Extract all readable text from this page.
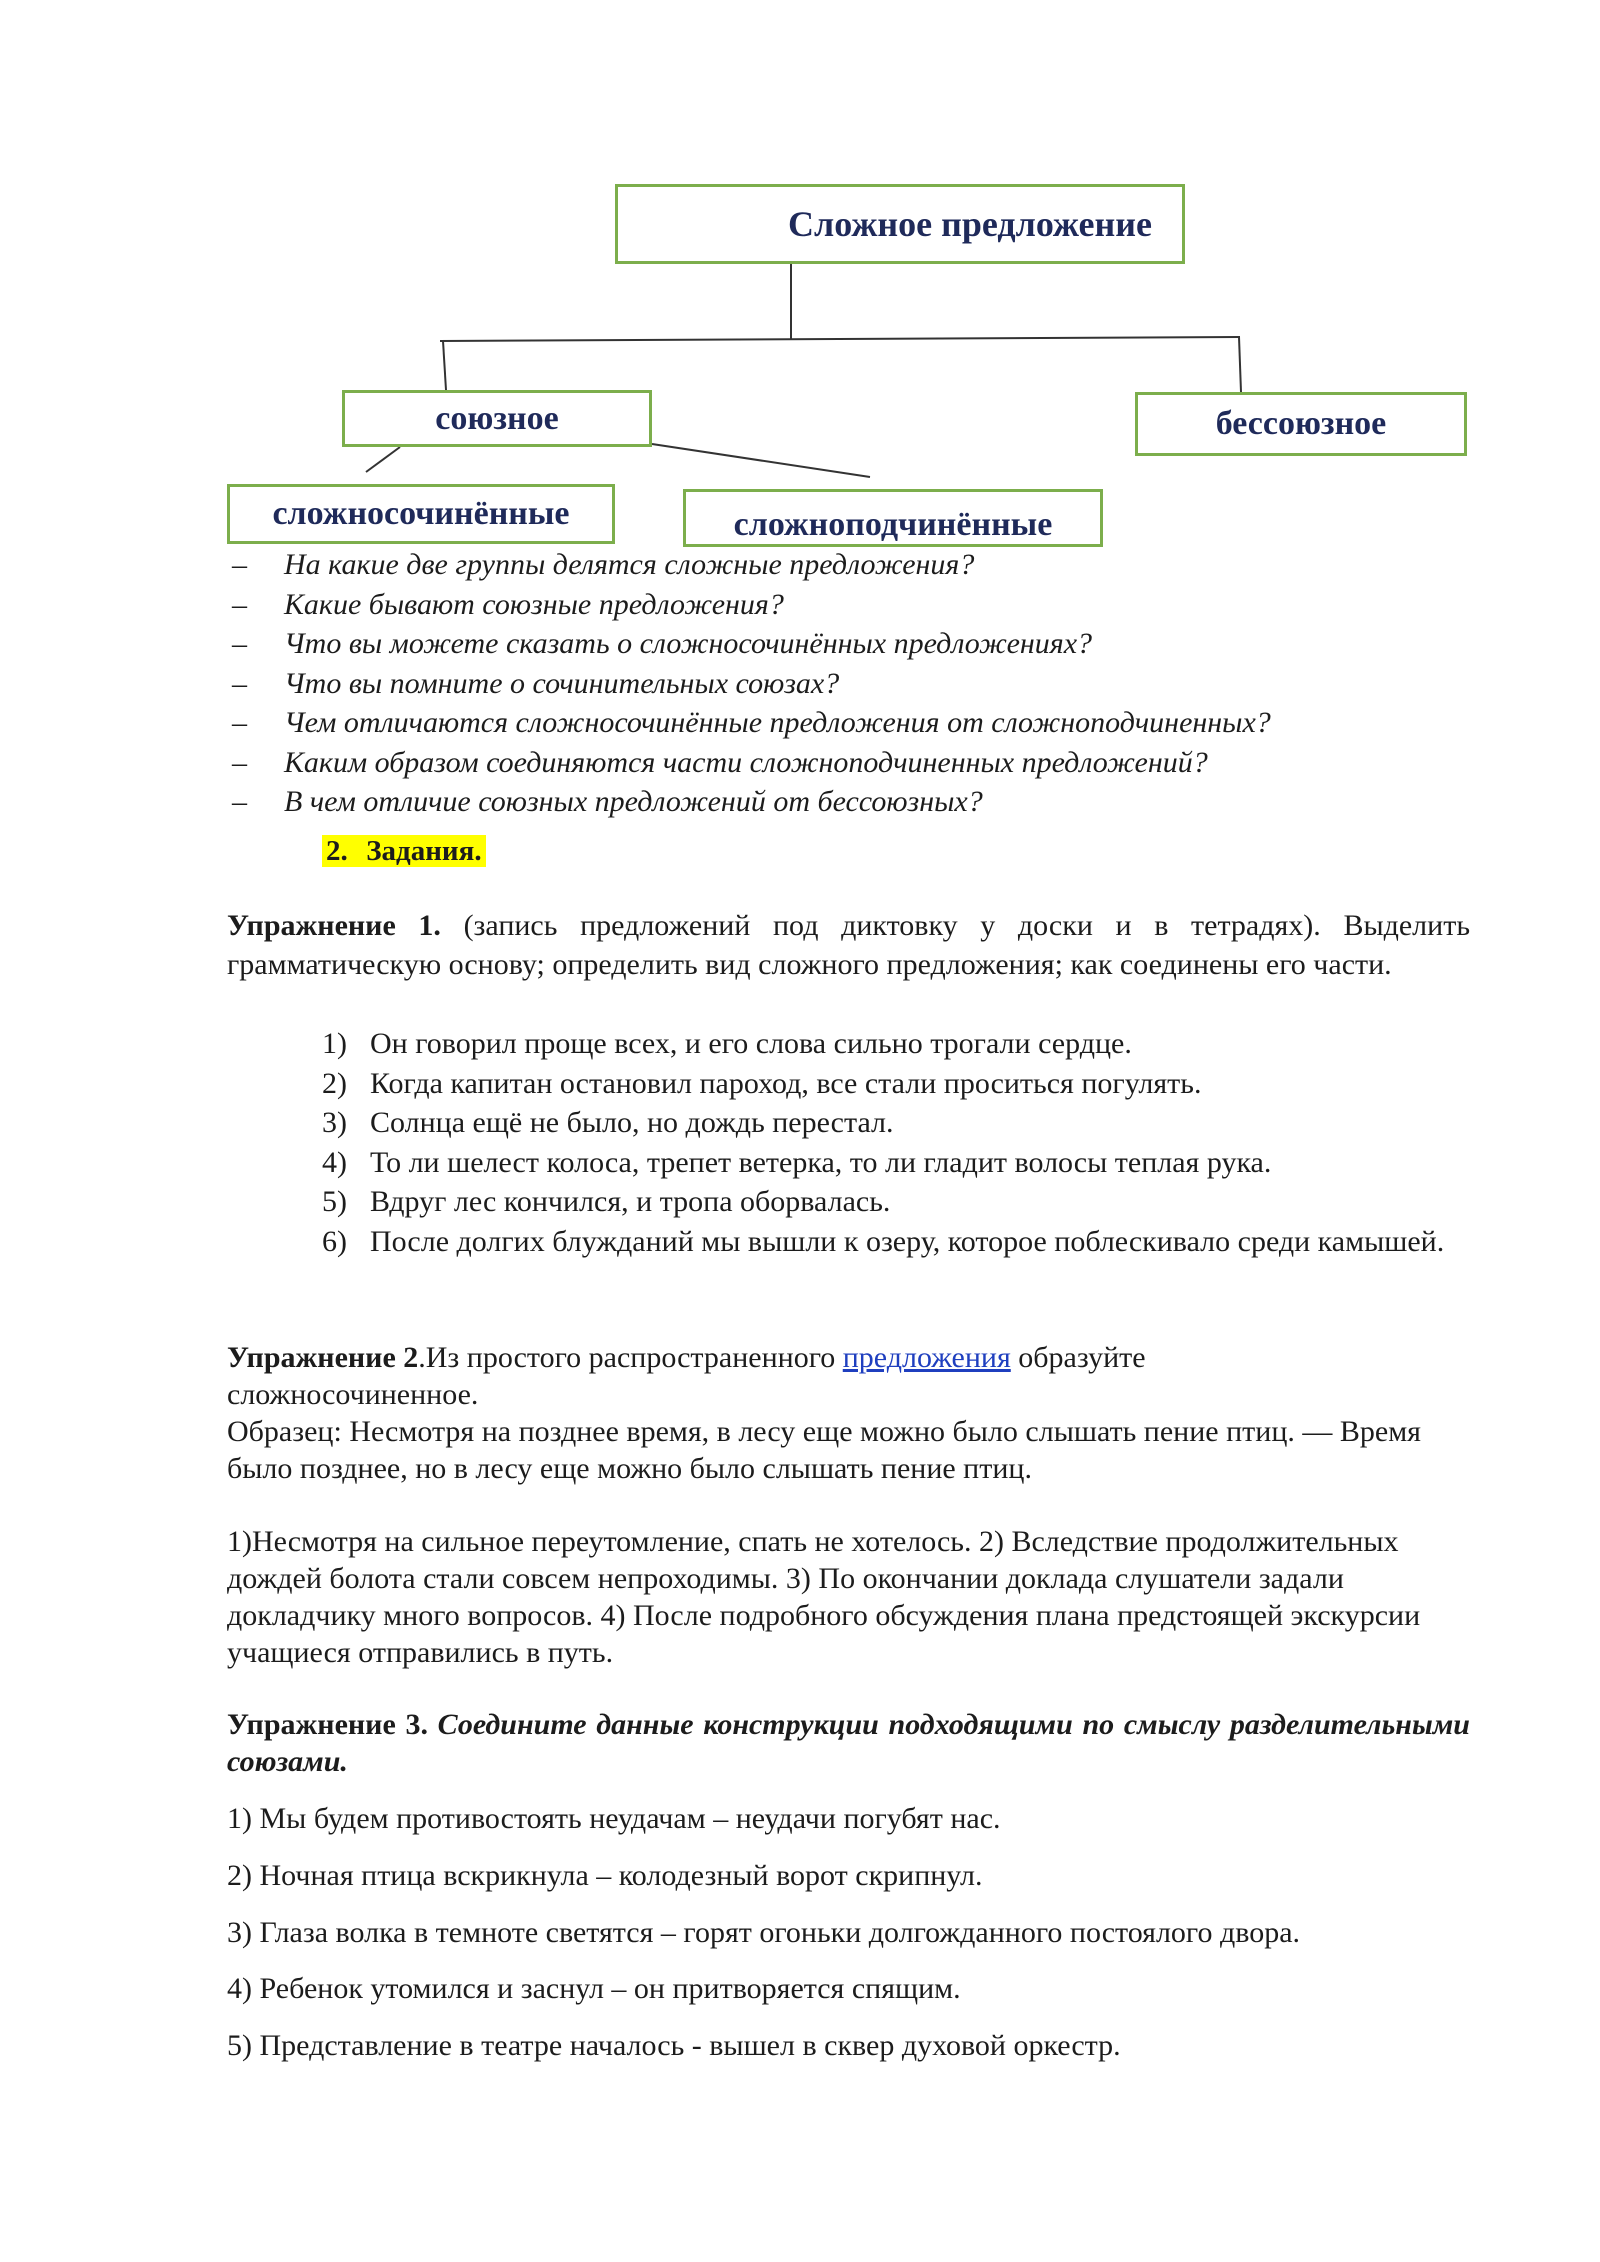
Сложное предложение
союзное	бессоюзное
сложносочинённые	сложноподчинённые
– На какие две группы делятся сложные предложения?
– Какие бывают союзные предложения?
– Что вы можете сказать о сложносочинённых предложениях?
– Что вы помните о сочинительных союзах?
– Чем отличаются сложносочинённые предложения от сложноподчиненных?
– Каким образом соединяются части сложноподчиненных предложений?
– В чем отличие союзных предложений от бессоюзных?
2. Задания.

Упражнение 1. (запись предложений под диктовку у доски и в тетрадях). Выделить грамматическую основу; определить вид сложного предложения; как соединены его части.

1) Он говорил проще всех, и его слова сильно трогали сердце.
2) Когда капитан остановил пароход, все стали проситься погулять.
3) Солнца ещё не было, но дождь перестал.
4) То ли шелест колоса, трепет ветерка, то ли гладит волосы теплая рука.
5) Вдруг лес кончился, и тропа оборвалась.
6) После долгих блужданий мы вышли к озеру, которое поблескивало среди камышей.

Упражнение 2.Из простого распространенного предложения образуйте сложносочиненное.

Образец: Несмотря на позднее время, в лесу еще можно было слышать пение птиц. — Время было позднее, но в лесу еще можно было слышать пение птиц.

1)Несмотря на сильное переутомление, спать не хотелось. 2) Вследствие продолжительных дождей болота стали совсем непроходимы. 3) По окончании доклада слушатели задали докладчику много вопросов. 4) После подробного обсуждения плана предстоящей экскурсии учащиеся отправились в путь.

Упражнение 3. Соедините данные конструкции подходящими по смыслу разделительными союзами.

1) Мы будем противостоять неудачам – неудачи погубят нас.
2) Ночная птица вскрикнула – колодезный ворот скрипнул.
3) Глаза волка в темноте светятся – горят огоньки долгожданного постоялого двора.
4) Ребенок утомился и заснул – он притворяется спящим.
5) Представление в театре началось - вышел в сквер духовой оркестр.
